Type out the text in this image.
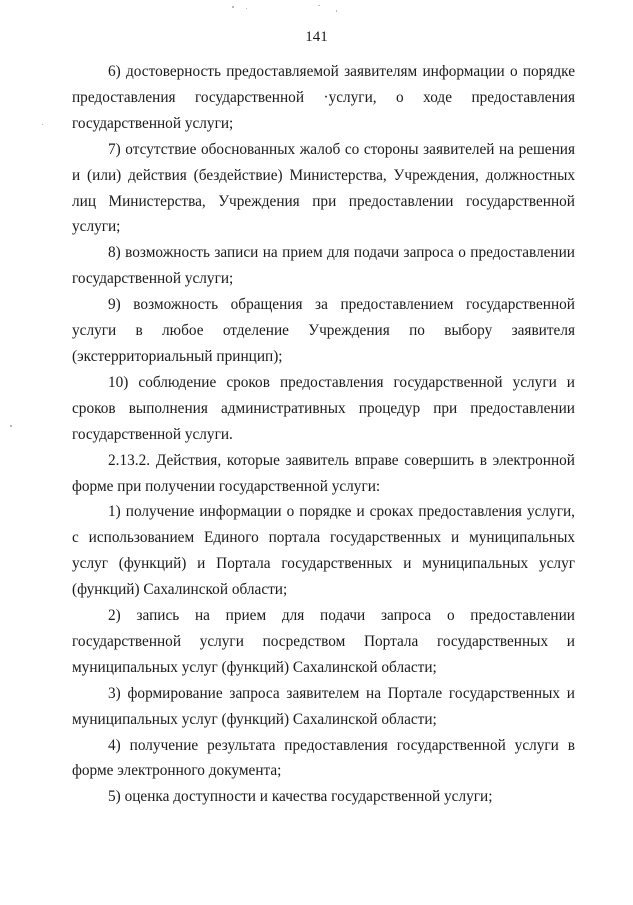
141

6) достоверность предоставляемой заявителям информации о порядке предоставления государственной ·услуги, о ходе предоставления государственной услуги;

7) отсутствие обоснованных жалоб со стороны заявителей на решения и (или) действия (бездействие) Министерства, Учреждения, должностных лиц Министерства, Учреждения при предоставлении государственной услуги;

8) возможность записи на прием для подачи запроса о предоставлении государственной услуги;

9) возможность обращения за предоставлением государственной услуги в любое отделение Учреждения по выбору заявителя (экстерриториальный принцип);

10) соблюдение сроков предоставления государственной услуги и сроков выполнения административных процедур при предоставлении государственной услуги.

2.13.2. Действия, которые заявитель вправе совершить в электронной форме при получении государственной услуги:

1) получение информации о порядке и сроках предоставления услуги, с использованием Единого портала государственных и муниципальных услуг (функций) и Портала государственных и муниципальных услуг (функций) Сахалинской области;

2) запись на прием для подачи запроса о предоставлении государственной услуги посредством Портала государственных и муниципальных услуг (функций) Сахалинской области;

3) формирование запроса заявителем на Портале государственных и муниципальных услуг (функций) Сахалинской области;

4) получение результата предоставления государственной услуги в форме электронного документа;

5) оценка доступности и качества государственной услуги;
